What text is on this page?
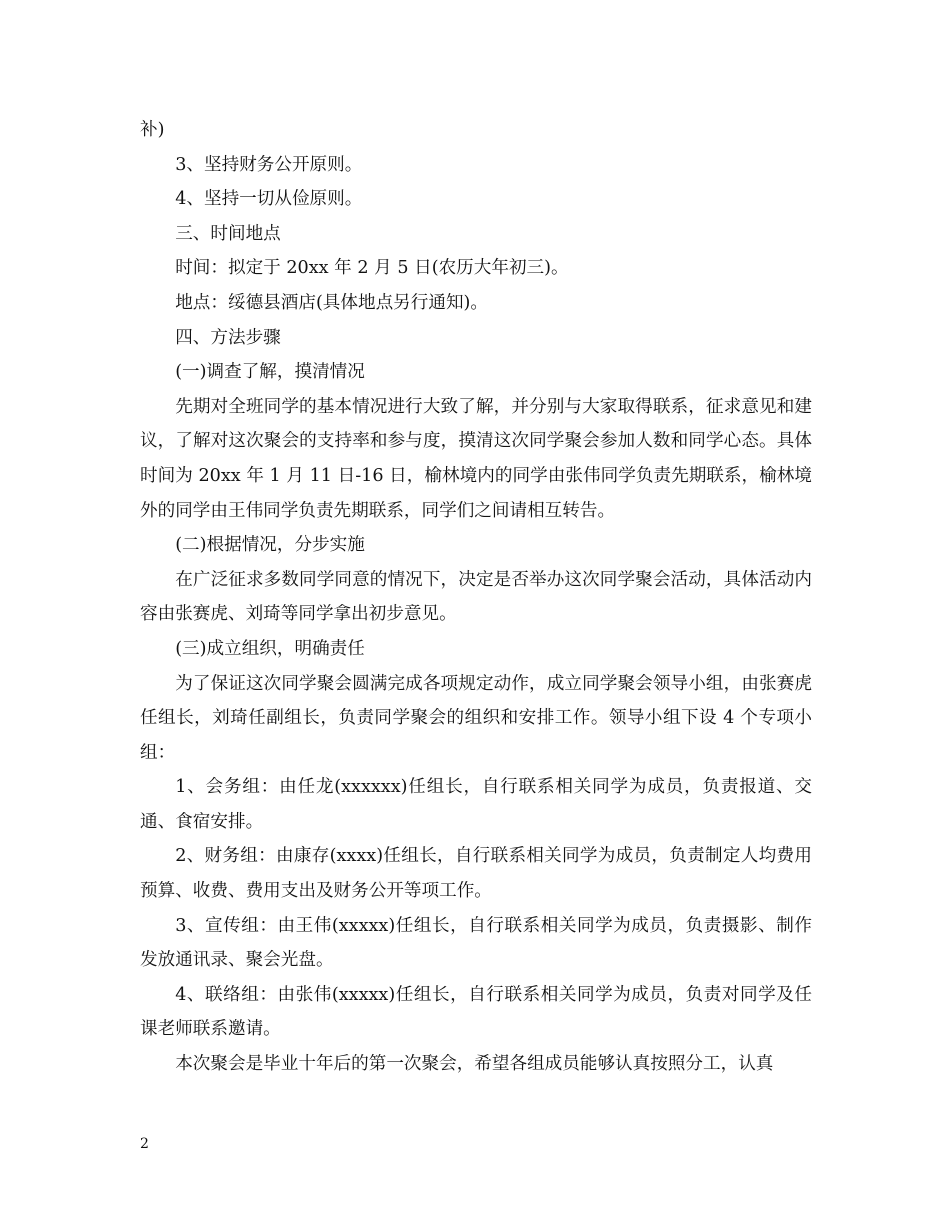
补)

3、坚持财务公开原则。

4、坚持一切从俭原则。

三、时间地点

时间：拟定于 20xx 年 2 月 5 日(农历大年初三)。

地点：绥德县酒店(具体地点另行通知)。

四、方法步骤

(一)调查了解，摸清情况

先期对全班同学的基本情况进行大致了解，并分别与大家取得联系，征求意见和建议，了解对这次聚会的支持率和参与度，摸清这次同学聚会参加人数和同学心态。具体时间为 20xx 年 1 月 11 日-16 日，榆林境内的同学由张伟同学负责先期联系，榆林境外的同学由王伟同学负责先期联系，同学们之间请相互转告。

(二)根据情况，分步实施

在广泛征求多数同学同意的情况下，决定是否举办这次同学聚会活动，具体活动内容由张赛虎、刘琦等同学拿出初步意见。

(三)成立组织，明确责任

为了保证这次同学聚会圆满完成各项规定动作，成立同学聚会领导小组，由张赛虎任组长，刘琦任副组长，负责同学聚会的组织和安排工作。领导小组下设 4 个专项小组：

1、会务组：由任龙(xxxxxx)任组长，自行联系相关同学为成员，负责报道、交通、食宿安排。

2、财务组：由康存(xxxx)任组长，自行联系相关同学为成员，负责制定人均费用预算、收费、费用支出及财务公开等项工作。

3、宣传组：由王伟(xxxxx)任组长，自行联系相关同学为成员，负责摄影、制作发放通讯录、聚会光盘。

4、联络组：由张伟(xxxxx)任组长，自行联系相关同学为成员，负责对同学及任课老师联系邀请。

本次聚会是毕业十年后的第一次聚会，希望各组成员能够认真按照分工，认真

2
